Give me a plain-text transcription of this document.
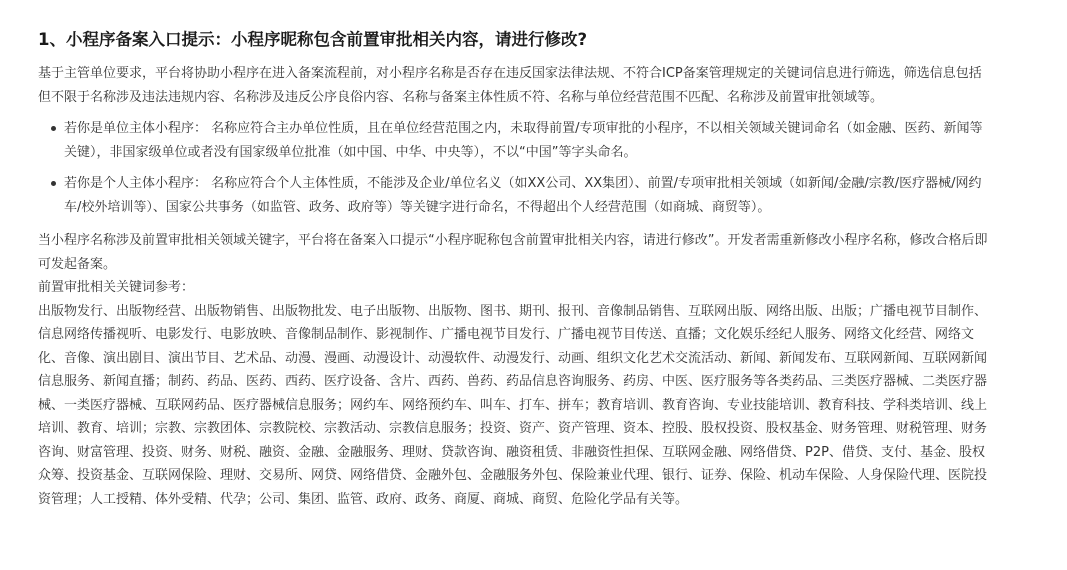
1、小程序备案入口提示：小程序昵称包含前置审批相关内容，请进行修改?

基于主管单位要求，平台将协助小程序在进入备案流程前，对小程序名称是否存在违反国家法律法规、不符合ICP备案管理规定的关键词信息进行筛选，筛选信息包括但不限于名称涉及违法违规内容、名称涉及违反公序良俗内容、名称与备案主体性质不符、名称与单位经营范围不匹配、名称涉及前置审批领域等。

若你是单位主体小程序： 名称应符合主办单位性质，且在单位经营范围之内，未取得前置/专项审批的小程序，不以相关领域关键词命名（如金融、医药、新闻等关键），非国家级单位或者没有国家级单位批准（如中国、中华、中央等），不以“中国”等字头命名。
若你是个人主体小程序： 名称应符合个人主体性质，不能涉及企业/单位名义（如XX公司、XX集团）、前置/专项审批相关领域（如新闻/金融/宗教/医疗器械/网约车/校外培训等）、国家公共事务（如监管、政务、政府等）等关键字进行命名，不得超出个人经营范围（如商城、商贸等）。

当小程序名称涉及前置审批相关领域关键字，平台将在备案入口提示“小程序昵称包含前置审批相关内容，请进行修改”。开发者需重新修改小程序名称，修改合格后即可发起备案。

前置审批相关关键词参考：

出版物发行、出版物经营、出版物销售、出版物批发、电子出版物、出版物、图书、期刊、报刊、音像制品销售、互联网出版、网络出版、出版；广播电视节目制作、信息网络传播视听、电影发行、电影放映、音像制品制作、影视制作、广播电视节目发行、广播电视节目传送、直播；文化娱乐经纪人服务、网络文化经营、网络文化、音像、演出剧目、演出节目、艺术品、动漫、漫画、动漫设计、动漫软件、动漫发行、动画、组织文化艺术交流活动、新闻、新闻发布、互联网新闻、互联网新闻信息服务、新闻直播；制药、药品、医药、西药、医疗设备、含片、西药、兽药、药品信息咨询服务、药房、中医、医疗服务等各类药品、三类医疗器械、二类医疗器械、一类医疗器械、互联网药品、医疗器械信息服务；网约车、网络预约车、叫车、打车、拼车；教育培训、教育咨询、专业技能培训、教育科技、学科类培训、线上培训、教育、培训；宗教、宗教团体、宗教院校、宗教活动、宗教信息服务；投资、资产、资产管理、资本、控股、股权投资、股权基金、财务管理、财税管理、财务咨询、财富管理、投资、财务、财税、融资、金融、金融服务、理财、贷款咨询、融资租赁、非融资性担保、互联网金融、网络借贷、P2P、借贷、支付、基金、股权众筹、投资基金、互联网保险、理财、交易所、网贷、网络借贷、金融外包、金融服务外包、保险兼业代理、银行、证券、保险、机动车保险、人身保险代理、医院投资管理；人工授精、体外受精、代孕；公司、集团、监管、政府、政务、商厦、商城、商贸、危险化学品有关等。
